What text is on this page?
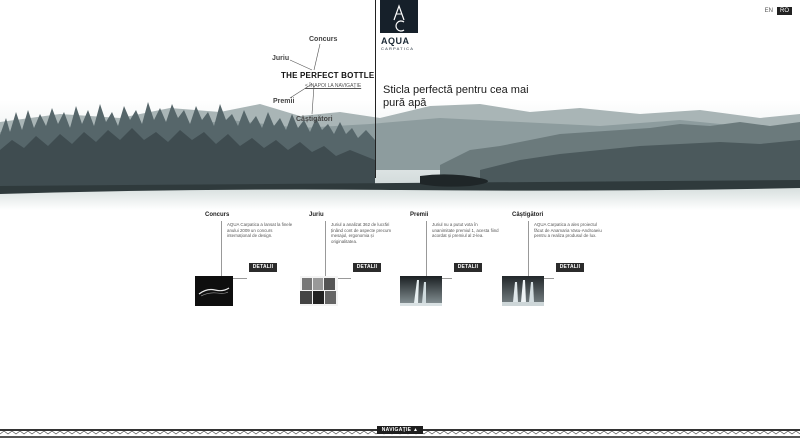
EN	RO
AQUA
CARPATICA
Sticla perfectă pentru cea mai pură apă
Concurs
Juriu
THE PERFECT BOTTLE
< ÎNAPOI LA NAVIGAȚIE
Premii
Câștigători
Concurs
AQUA Carpatica a lansat la finele anului 2009 un concurs internațional de design.
DETALII
Juriu
Juriul a analizat 362 de lucrări ținând cont de aspecte precum mesajul, ergonomia și originalitatea.
DETALII
Premii
Juriul nu a putut vota în unanimitate premiul 1, acesta fiind acordat și premiul al 2-lea.
DETALII
Câștigători
AQUA Carpatica a ales proiectul făcut de Anamaria Vasu-Androaeiu pentru a realiza produsul de lux.
DETALII
NAVIGAȚIE ▲
